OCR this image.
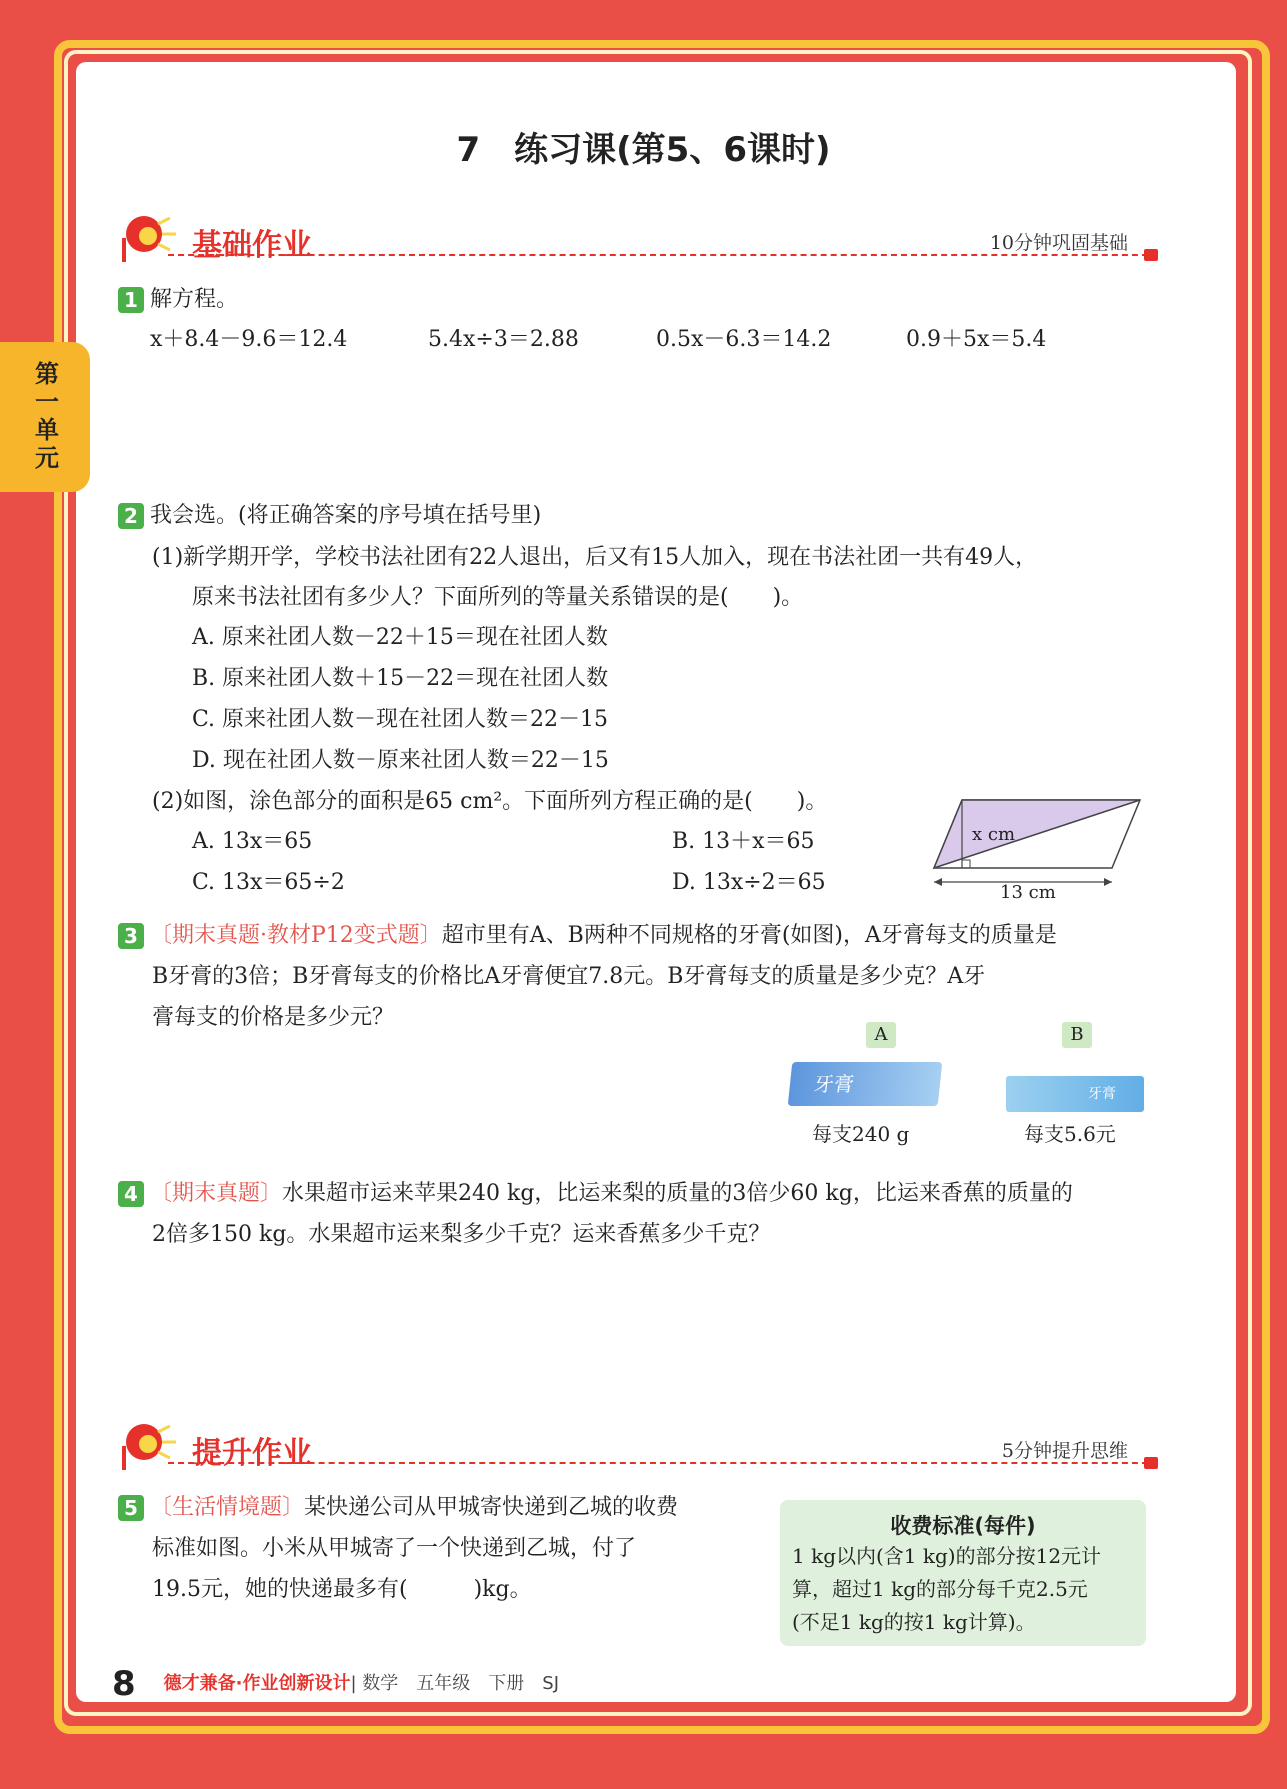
第一单元
7　练习课(第5、6课时)
基础作业	10分钟巩固基础
1 解方程。
x＋8.4－9.6＝12.4	5.4x÷3＝2.88	0.5x－6.3＝14.2	0.9＋5x＝5.4
2 我会选。(将正确答案的序号填在括号里)
(1)新学期开学，学校书法社团有22人退出，后又有15人加入，现在书法社团一共有49人，
原来书法社团有多少人？下面所列的等量关系错误的是(　　)。
A. 原来社团人数－22＋15＝现在社团人数
B. 原来社团人数＋15－22＝现在社团人数
C. 原来社团人数－现在社团人数＝22－15
D. 现在社团人数－原来社团人数＝22－15
(2)如图，涂色部分的面积是65 cm²。下面所列方程正确的是(　　)。
A. 13x＝65	B. 13＋x＝65
C. 13x＝65÷2	D. 13x÷2＝65
x cm
13 cm
3 〔期末真题·教材P12变式题〕超市里有A、B两种不同规格的牙膏(如图)，A牙膏每支的质量是
B牙膏的3倍；B牙膏每支的价格比A牙膏便宜7.8元。B牙膏每支的质量是多少克？A牙
膏每支的价格是多少元？
A	B
牙膏	牙膏
每支240 g	每支5.6元
4 〔期末真题〕水果超市运来苹果240 kg，比运来梨的质量的3倍少60 kg，比运来香蕉的质量的
2倍多150 kg。水果超市运来梨多少千克？运来香蕉多少千克？
提升作业	5分钟提升思维
5 〔生活情境题〕某快递公司从甲城寄快递到乙城的收费
标准如图。小米从甲城寄了一个快递到乙城，付了
19.5元，她的快递最多有(　　　)kg。
收费标准(每件)
1 kg以内(含1 kg)的部分按12元计
算，超过1 kg的部分每千克2.5元
(不足1 kg的按1 kg计算)。
8 德才兼备·作业创新设计| 数学　五年级　下册　SJ
